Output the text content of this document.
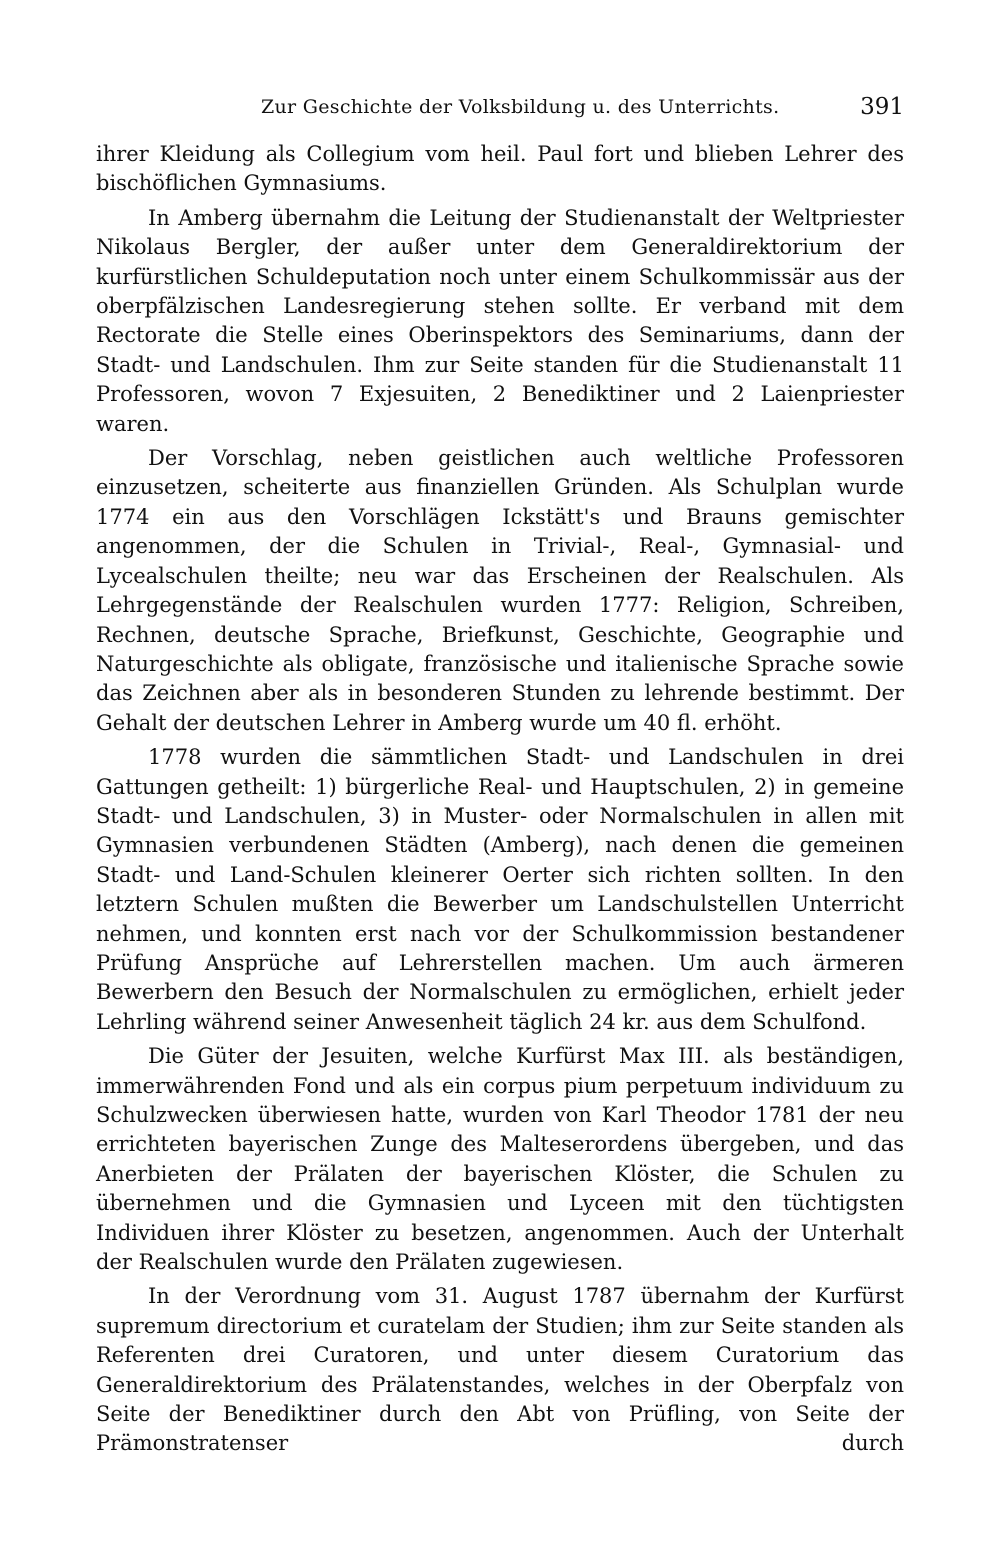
Zur Geschichte der Volksbildung u. des Unterrichts.	391

ihrer Kleidung als Collegium vom heil. Paul fort und blieben Lehrer des bischöflichen Gymnasiums.

In Amberg übernahm die Leitung der Studienanstalt der Weltpriester Nikolaus Bergler, der außer unter dem Generaldirektorium der kurfürstlichen Schuldeputation noch unter einem Schulkommissär aus der oberpfälzischen Landesregierung stehen sollte. Er verband mit dem Rectorate die Stelle eines Oberinspektors des Seminariums, dann der Stadt- und Landschulen. Ihm zur Seite standen für die Studienanstalt 11 Professoren, wovon 7 Exjesuiten, 2 Benediktiner und 2 Laienpriester waren.

Der Vorschlag, neben geistlichen auch weltliche Professoren einzusetzen, scheiterte aus finanziellen Gründen. Als Schulplan wurde 1774 ein aus den Vorschlägen Ickstätt's und Brauns gemischter angenommen, der die Schulen in Trivial-, Real-, Gymnasial- und Lycealschulen theilte; neu war das Erscheinen der Realschulen. Als Lehrgegenstände der Realschulen wurden 1777: Religion, Schreiben, Rechnen, deutsche Sprache, Briefkunst, Geschichte, Geographie und Naturgeschichte als obligate, französische und italienische Sprache sowie das Zeichnen aber als in besonderen Stunden zu lehrende bestimmt. Der Gehalt der deutschen Lehrer in Amberg wurde um 40 fl. erhöht.

1778 wurden die sämmtlichen Stadt- und Landschulen in drei Gattungen getheilt: 1) bürgerliche Real- und Hauptschulen, 2) in gemeine Stadt- und Landschulen, 3) in Muster- oder Normalschulen in allen mit Gymnasien verbundenen Städten (Amberg), nach denen die gemeinen Stadt- und Land-Schulen kleinerer Oerter sich richten sollten. In den letztern Schulen mußten die Bewerber um Landschulstellen Unterricht nehmen, und konnten erst nach vor der Schulkommission bestandener Prüfung Ansprüche auf Lehrerstellen machen. Um auch ärmeren Bewerbern den Besuch der Normalschulen zu ermöglichen, erhielt jeder Lehrling während seiner Anwesenheit täglich 24 kr. aus dem Schulfond.

Die Güter der Jesuiten, welche Kurfürst Max III. als beständigen, immerwährenden Fond und als ein corpus pium perpetuum individuum zu Schulzwecken überwiesen hatte, wurden von Karl Theodor 1781 der neu errichteten bayerischen Zunge des Malteserordens übergeben, und das Anerbieten der Prälaten der bayerischen Klöster, die Schulen zu übernehmen und die Gymnasien und Lyceen mit den tüchtigsten Individuen ihrer Klöster zu besetzen, angenommen. Auch der Unterhalt der Realschulen wurde den Prälaten zugewiesen.

In der Verordnung vom 31. August 1787 übernahm der Kurfürst supremum directorium et curatelam der Studien; ihm zur Seite standen als Referenten drei Curatoren, und unter diesem Curatorium das Generaldirektorium des Prälatenstandes, welches in der Oberpfalz von Seite der Benediktiner durch den Abt von Prüfling, von Seite der Prämonstratenser durch
